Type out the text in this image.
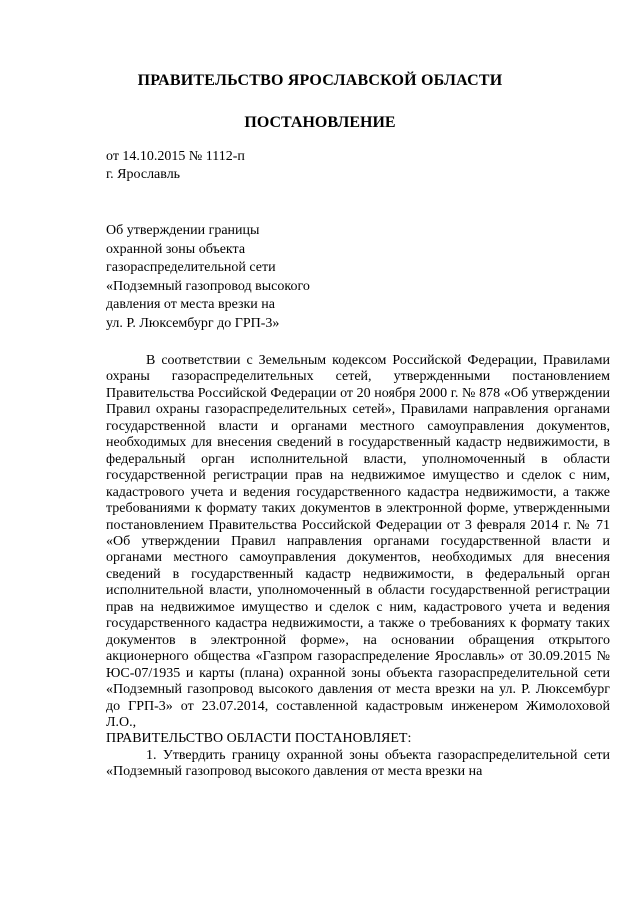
ПРАВИТЕЛЬСТВО ЯРОСЛАВСКОЙ ОБЛАСТИ
ПОСТАНОВЛЕНИЕ
от 14.10.2015 № 1112-п
г. Ярославль
Об утверждении границы
охранной зоны объекта
газораспределительной сети
«Подземный газопровод высокого
давления от места врезки на
ул. Р. Люксембург до ГРП-3»

В соответствии с Земельным кодексом Российской Федерации, Правилами охраны газораспределительных сетей, утвержденными постановлением Правительства Российской Федерации от 20 ноября 2000 г. № 878 «Об утверждении Правил охраны газораспределительных сетей», Правилами направления органами государственной власти и органами местного самоуправления документов, необходимых для внесения сведений в государственный кадастр недвижимости, в федеральный орган исполнительной власти, уполномоченный в области государственной регистрации прав на недвижимое имущество и сделок с ним, кадастрового учета и ведения государственного кадастра недвижимости, а также требованиями к формату таких документов в электронной форме, утвержденными постановлением Правительства Российской Федерации от 3 февраля 2014 г. № 71 «Об утверждении Правил направления органами государственной власти и органами местного самоуправления документов, необходимых для внесения сведений в государственный кадастр недвижимости, в федеральный орган исполнительной власти, уполномоченный в области государственной регистрации прав на недвижимое имущество и сделок с ним, кадастрового учета и ведения государственного кадастра недвижимости, а также о требованиях к формату таких документов в электронной форме», на основании обращения открытого акционерного общества «Газпром газораспределение Ярославль» от 30.09.2015 № ЮС-07/1935 и карты (плана) охранной зоны объекта газораспределительной сети «Подземный газопровод высокого давления от места врезки на ул. Р. Люксембург до ГРП-3» от 23.07.2014, составленной кадастровым инженером Жимолоховой Л.О.,

ПРАВИТЕЛЬСТВО ОБЛАСТИ ПОСТАНОВЛЯЕТ:

1. Утвердить границу охранной зоны объекта газораспределительной сети «Подземный газопровод высокого давления от места врезки на
